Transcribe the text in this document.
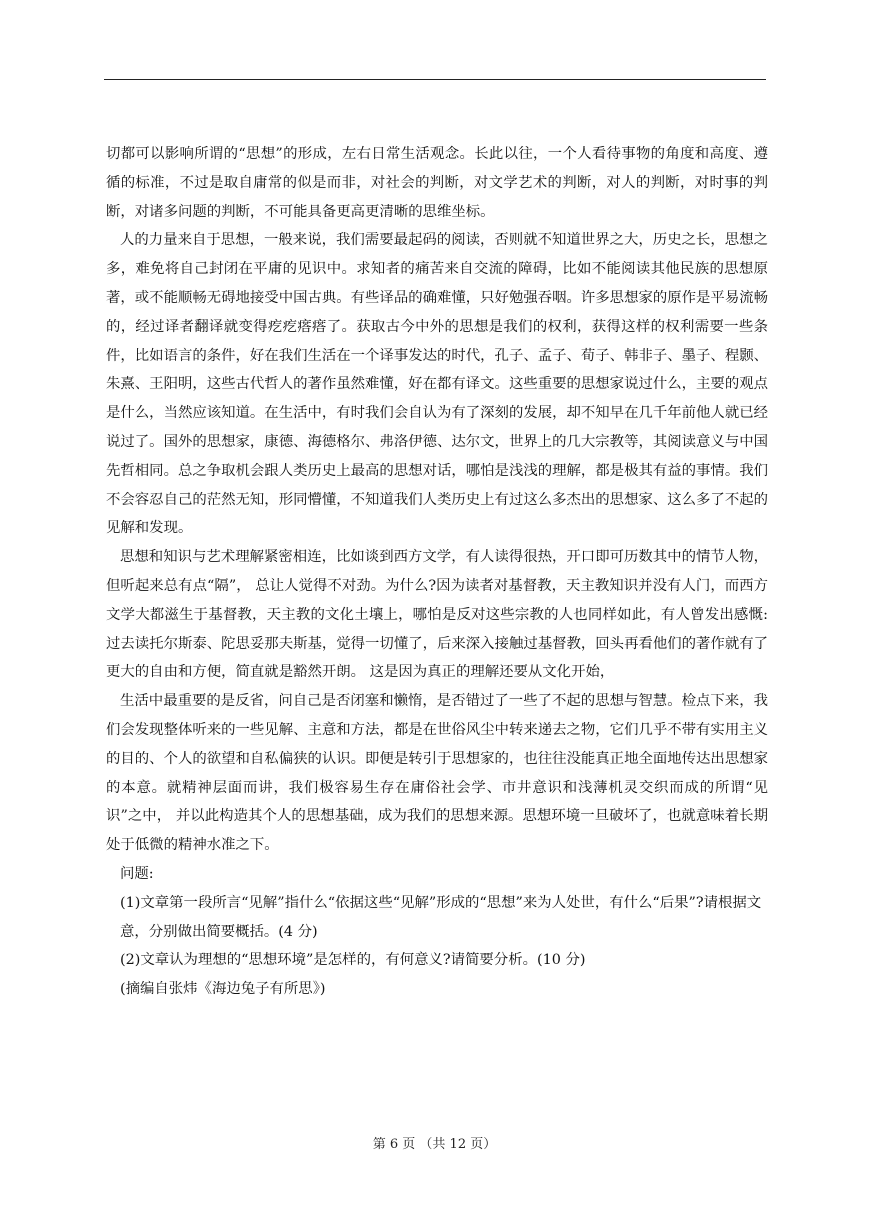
切都可以影响所谓的“思想”的形成，左右日常生活观念。长此以往，一个人看待事物的角度和高度、遵循的标准，不过是取自庸常的似是而非，对社会的判断，对文学艺术的判断，对人的判断，对时事的判断，对诸多问题的判断，不可能具备更高更清晰的思维坐标。

人的力量来自于思想，一般来说，我们需要最起码的阅读，否则就不知道世界之大，历史之长，思想之多，难免将自己封闭在平庸的见识中。求知者的痛苦来自交流的障碍，比如不能阅读其他民族的思想原著，或不能顺畅无碍地接受中国古典。有些译品的确难懂，只好勉强吞咽。许多思想家的原作是平易流畅的，经过译者翻译就变得疙疙瘩瘩了。获取古今中外的思想是我们的权利，获得这样的权利需要一些条件，比如语言的条件，好在我们生活在一个译事发达的时代，孔子、孟子、荀子、韩非子、墨子、程颢、朱熹、王阳明，这些古代哲人的著作虽然难懂，好在都有译文。这些重要的思想家说过什么，主要的观点是什么，当然应该知道。在生活中，有时我们会自认为有了深刻的发展，却不知早在几千年前他人就已经说过了。国外的思想家，康德、海德格尔、弗洛伊德、达尔文，世界上的几大宗教等，其阅读意义与中国先哲相同。总之争取机会跟人类历史上最高的思想对话，哪怕是浅浅的理解，都是极其有益的事情。我们不会容忍自己的茫然无知，形同懵懂，不知道我们人类历史上有过这么多杰出的思想家、这么多了不起的见解和发现。

思想和知识与艺术理解紧密相连，比如谈到西方文学，有人读得很热，开口即可历数其中的情节人物，但听起来总有点“隔”， 总让人觉得不对劲。为什么?因为读者对基督教，天主教知识并没有人门，而西方文学大都滋生于基督教，天主教的文化土壤上，哪怕是反对这些宗教的人也同样如此，有人曾发出感慨:过去读托尔斯泰、陀思妥那夫斯基，觉得一切懂了，后来深入接触过基督教，回头再看他们的著作就有了更大的自由和方便，简直就是豁然开朗。 这是因为真正的理解还要从文化开始，

生活中最重要的是反省，问自己是否闭塞和懒惰，是否错过了一些了不起的思想与智慧。检点下来，我们会发现整体听来的一些见解、主意和方法，都是在世俗风尘中转来递去之物，它们几乎不带有实用主义的目的、个人的欲望和自私偏狭的认识。即便是转引于思想家的，也往往没能真正地全面地传达出思想家的本意。就精神层面而讲，我们极容易生存在庸俗社会学、市井意识和浅薄机灵交织而成的所谓“见识”之中， 并以此构造其个人的思想基础，成为我们的思想来源。思想环境一旦破坏了，也就意味着长期处于低微的精神水准之下。

问题:

(1)文章第一段所言“见解”指什么“依据这些“见解”形成的“思想”来为人处世，有什么“后果”?请根据文意，分别做出简要概括。(4 分)

(2)文章认为理想的“思想环境”是怎样的，有何意义?请简要分析。(10 分)

(摘编自张炜《海边兔子有所思》)

第 6 页 （共 12 页）
